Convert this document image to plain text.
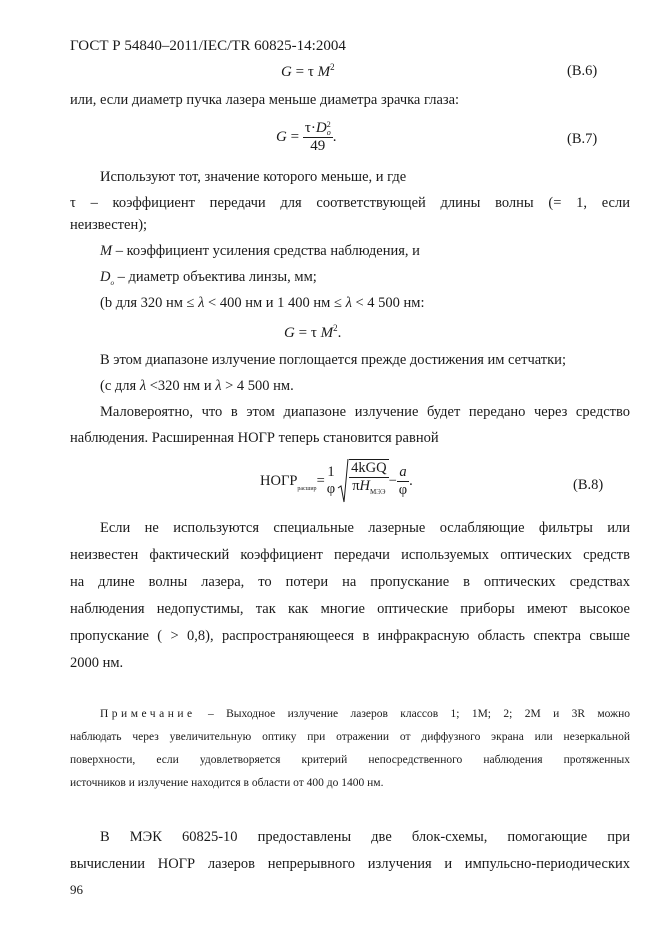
ГОСТ Р 54840–2011/IEC/TR 60825-14:2004
G = τ $M^2$	(B.6)
или, если диаметр пучка лазера меньше диаметра зрачка глаза:
G = τ·D 2
о
49 .	(B.7)
Используют тот, значение которого меньше, и где
τ – коэффициент передачи для соответствующей длины волны (= 1, если
неизвестен);
M – коэффициент усиления средства наблюдения, и
$D_о$ – диаметр объектива линзы, мм;
(b для 320 нм ≤ λ < 400 нм и 1 400 нм ≤ λ < 4 500 нм:
G = τ $M^2$.
В этом диапазоне излучение поглощается прежде достижения им сетчатки;
(c для λ <320 нм и λ > 4 500 нм.
Маловероятно, что в этом диапазоне излучение будет передано через средство
наблюдения. Расширенная НОГР теперь становится равной
НОГР
$_{расшир}$
=
1
φ $\frac{\text{4kGQ}}{\pi H_{МЭЭ}} - \frac{a}{\varphi}$ .	(B.8)
Если не используются специальные лазерные ослабляющие фильтры или
неизвестен фактический коэффициент передачи используемых оптических средств
на длине волны лазера, то потери на пропускание в оптических средствах
наблюдения недопустимы, так как многие оптические приборы имеют высокое
пропускание ( > 0,8), распространяющееся в инфракрасную область спектра свыше
2000 нм.
Примечание – Выходное излучение лазеров классов 1; 1M; 2; 2M и 3R можно
наблюдать через увеличительную оптику при отражении от диффузного экрана или незеркальной
поверхности, если удовлетворяется критерий непосредственного наблюдения протяженных
источников и излучение находится в области от 400 до 1400 нм.
В МЭК 60825-10 предоставлены две блок-схемы, помогающие при
вычислении НОГР лазеров непрерывного излучения и импульсно-периодических
96
